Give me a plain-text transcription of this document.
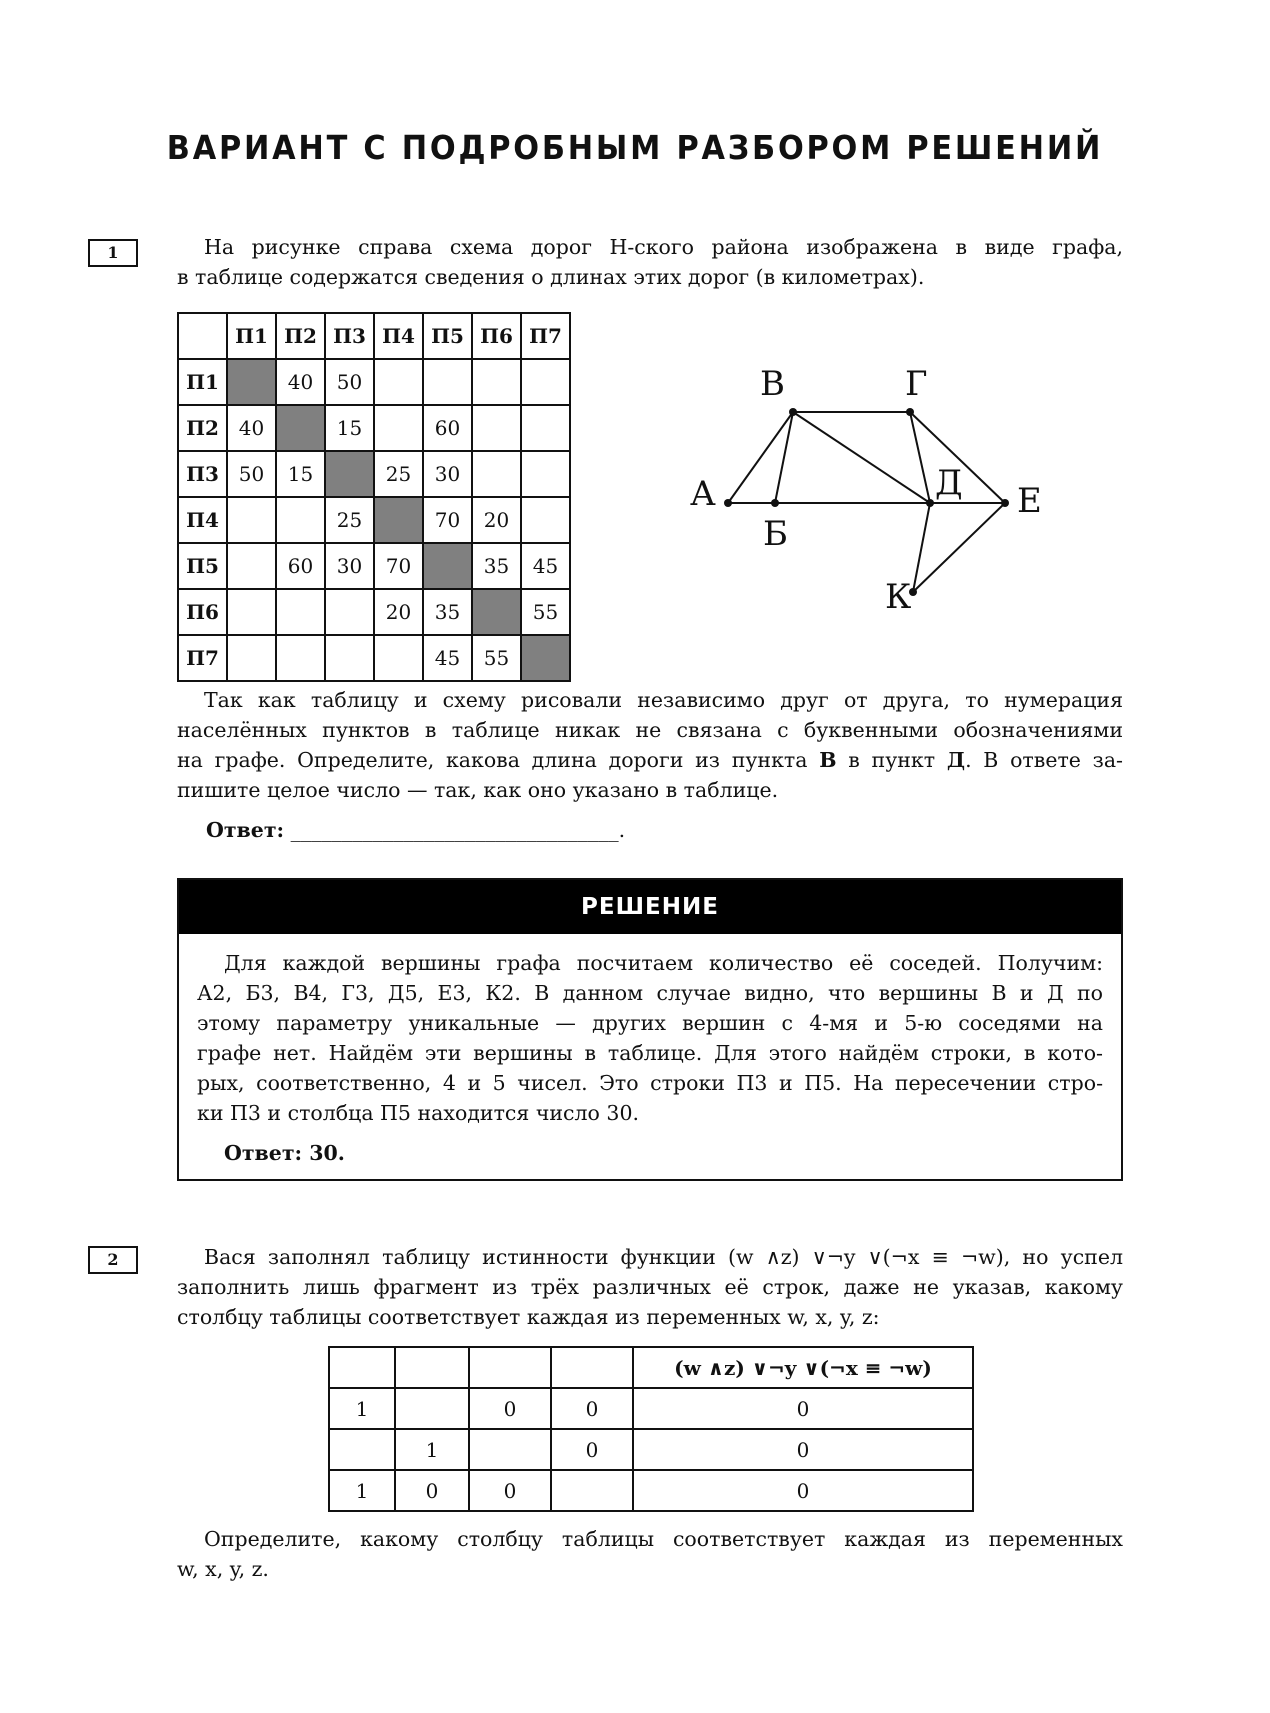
ВАРИАНТ С ПОДРОБНЫМ РАЗБОРОМ РЕШЕНИЙ
1	На рисунке справа схема дорог Н-ского района изображена в виде графа,

в таблице содержатся сведения о длинах этих дорог (в километрах).

	П1	П2	П3	П4	П5	П6	П7
П1		40	50				
П2	40		15		60		
П3	50	15		25	30		
П4			25		70	20	
П5		60	30	70		35	45
П6				20	35		55
П7					45	55	
А
Б
В	Г
Д Е
К

Так как таблицу и схему рисовали независимо друг от друга, то нумерация

населённых пунктов в таблице никак не связана с буквенными обозначениями

на графе. Определите, какова длина дороги из пункта В в пункт Д. В ответе за-

пишите целое число — так, как оно указано в таблице.

Ответ: ________________________________.
РЕШЕНИЕ

Для каждой вершины графа посчитаем количество её соседей. Получим:

А2, Б3, В4, Г3, Д5, Е3, К2. В данном случае видно, что вершины В и Д по

этому параметру уникальные — других вершин с 4-мя и 5-ю соседями на

графе нет. Найдём эти вершины в таблице. Для этого найдём строки, в кото-

рых, соответственно, 4 и 5 чисел. Это строки П3 и П5. На пересечении стро-

ки П3 и столбца П5 находится число 30.

Ответ: 30.

2	Вася заполнял таблицу истинности функции (w ∧z) ∨¬y ∨(¬x ≡ ¬w), но успел

заполнить лишь фрагмент из трёх различных её строк, даже не указав, какому

столбцу таблицы соответствует каждая из переменных w, x, y, z:

				(w ∧z) ∨¬y ∨(¬x ≡ ¬w)
1		0	0	0
	1		0	0
1	0	0		0

Определите, какому столбцу таблицы соответствует каждая из переменных

w, x, y, z.
